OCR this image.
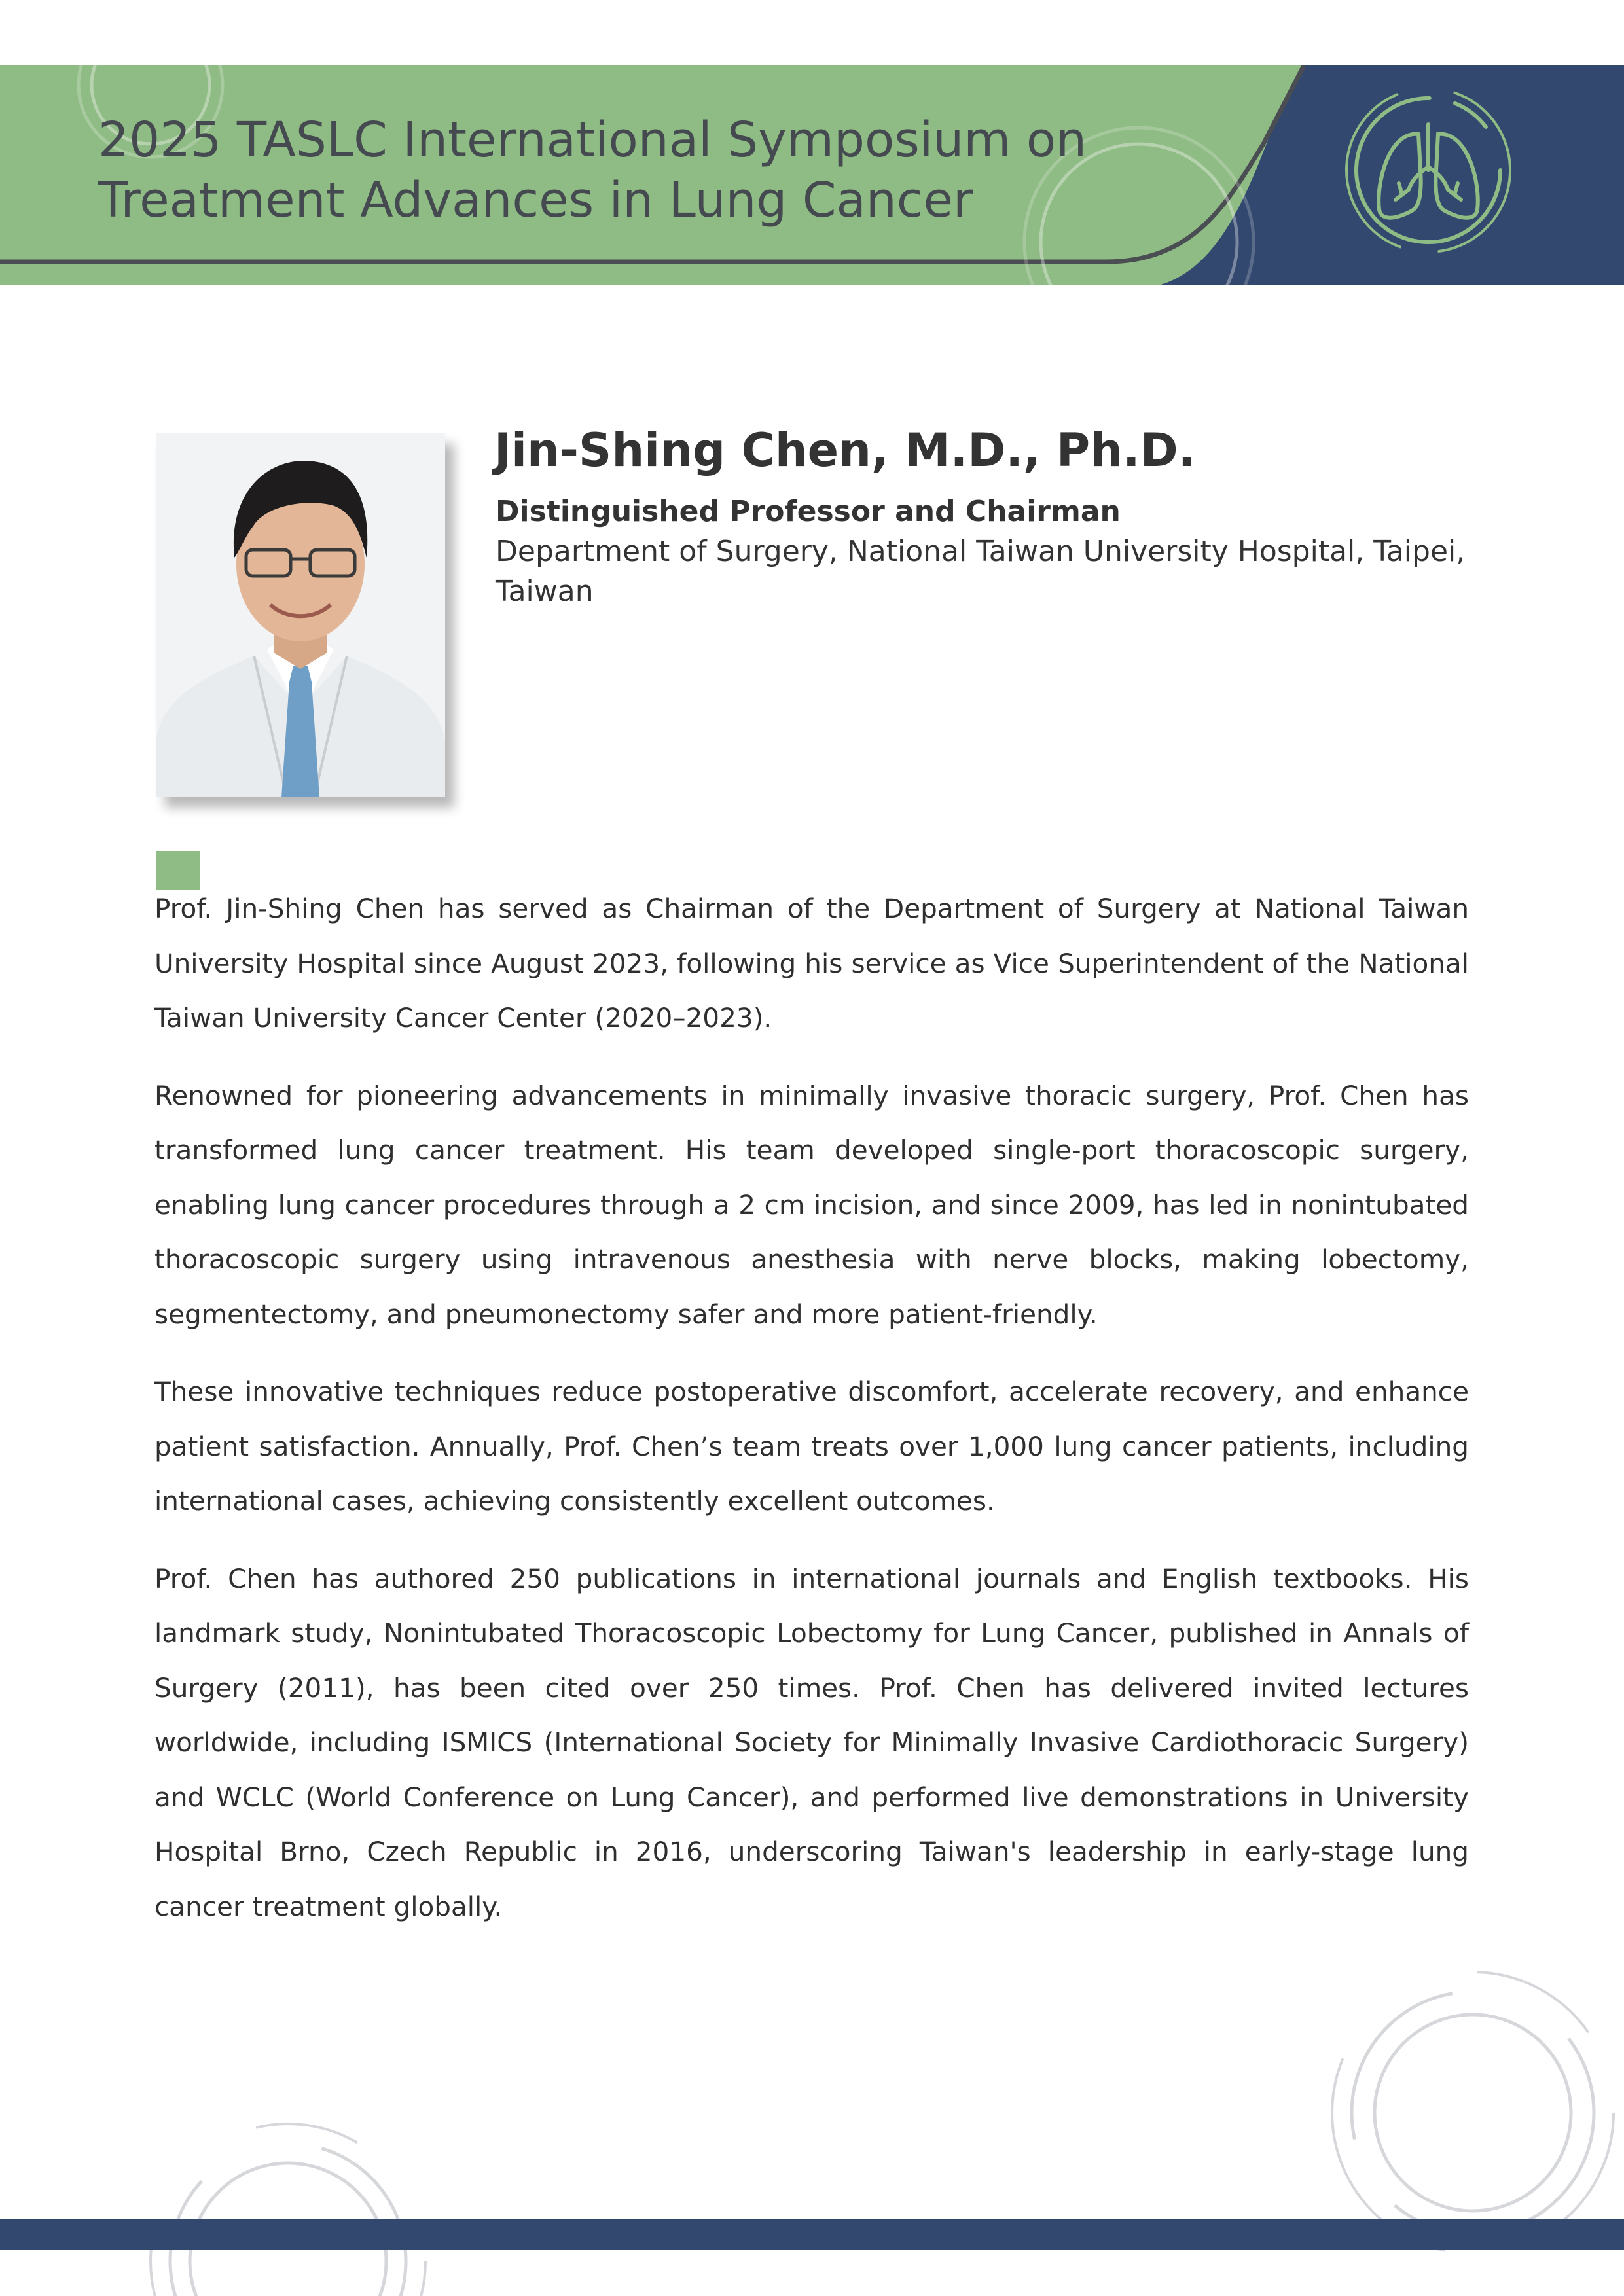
2025 TASLC International Symposium on
Treatment Advances in Lung Cancer
Jin-Shing Chen, M.D., Ph.D.
Distinguished Professor and Chairman
Department of Surgery, National Taiwan University Hospital, Taipei, Taiwan

Prof. Jin-Shing Chen has served as Chairman of the Department of Surgery at National Taiwan University Hospital since August 2023, following his service as Vice Superintendent of the National Taiwan University Cancer Center (2020–2023).

Renowned for pioneering advancements in minimally invasive thoracic surgery, Prof. Chen has transformed lung cancer treatment. His team developed single-port thoracoscopic surgery, enabling lung cancer procedures through a 2 cm incision, and since 2009, has led in nonintubated thoracoscopic surgery using intravenous anesthesia with nerve blocks, making lobectomy, segmentectomy, and pneumonectomy safer and more patient-friendly.

These innovative techniques reduce postoperative discomfort, accelerate recovery, and enhance patient satisfaction. Annually, Prof. Chen’s team treats over 1,000 lung cancer patients, including international cases, achieving consistently excellent outcomes.

Prof. Chen has authored 250 publications in international journals and English textbooks. His landmark study, Nonintubated Thoracoscopic Lobectomy for Lung Cancer, published in Annals of Surgery (2011), has been cited over 250 times. Prof. Chen has delivered invited lectures worldwide, including ISMICS (International Society for Minimally Invasive Cardiothoracic Surgery) and WCLC (World Conference on Lung Cancer), and performed live demonstrations in University Hospital Brno, Czech Republic in 2016, underscoring Taiwan's leadership in early-stage lung cancer treatment globally.
